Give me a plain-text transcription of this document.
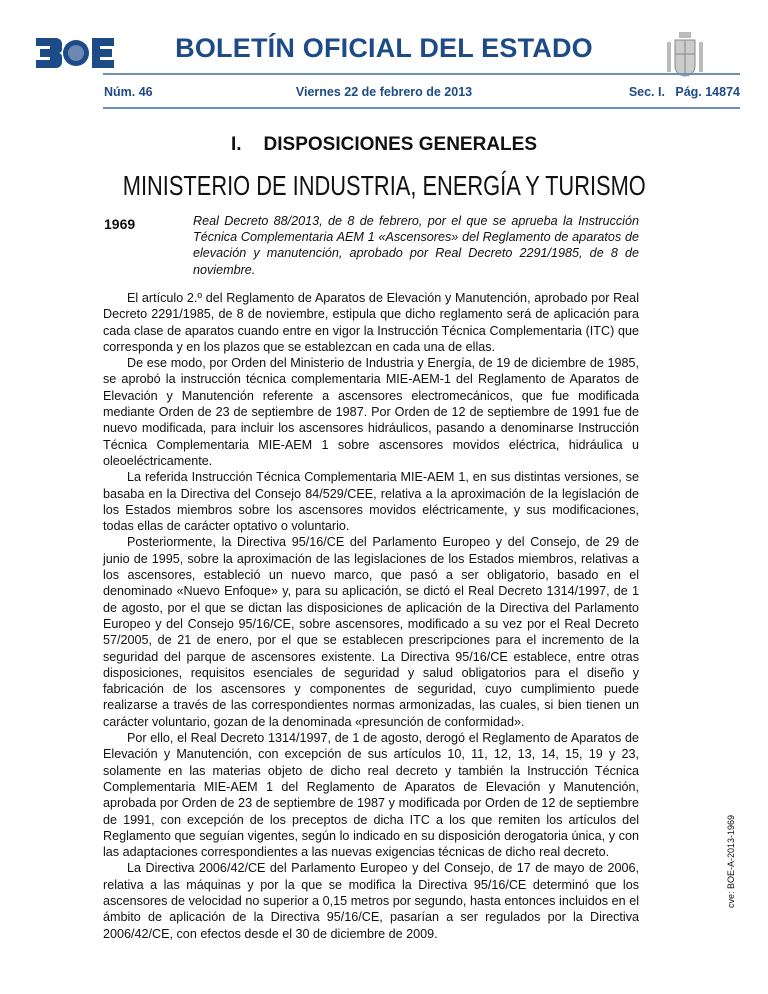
BOLETÍN OFICIAL DEL ESTADO
Núm. 46	Viernes 22 de febrero de 2013	Sec. I.   Pág. 14874
I. DISPOSICIONES GENERALES
MINISTERIO DE INDUSTRIA, ENERGÍA Y TURISMO
1969	Real Decreto 88/2013, de 8 de febrero, por el que se aprueba la Instrucción Técnica Complementaria AEM 1 «Ascensores» del Reglamento de aparatos de elevación y manutención, aprobado por Real Decreto 2291/1985, de 8 de noviembre.

El artículo 2.º del Reglamento de Aparatos de Elevación y Manutención, aprobado por Real Decreto 2291/1985, de 8 de noviembre, estipula que dicho reglamento será de aplicación para cada clase de aparatos cuando entre en vigor la Instrucción Técnica Complementaria (ITC) que corresponda y en los plazos que se establezcan en cada una de ellas.

De ese modo, por Orden del Ministerio de Industria y Energía, de 19 de diciembre de 1985, se aprobó la instrucción técnica complementaria MIE-AEM-1 del Reglamento de Aparatos de Elevación y Manutención referente a ascensores electromecánicos, que fue modificada mediante Orden de 23 de septiembre de 1987. Por Orden de 12 de septiembre de 1991 fue de nuevo modificada, para incluir los ascensores hidráulicos, pasando a denominarse Instrucción Técnica Complementaria MIE-AEM 1 sobre ascensores movidos eléctrica, hidráulica u oleoeléctricamente.

La referida Instrucción Técnica Complementaria MIE-AEM 1, en sus distintas versiones, se basaba en la Directiva del Consejo 84/529/CEE, relativa a la aproximación de la legislación de los Estados miembros sobre los ascensores movidos eléctricamente, y sus modificaciones, todas ellas de carácter optativo o voluntario.

Posteriormente, la Directiva 95/16/CE del Parlamento Europeo y del Consejo, de 29 de junio de 1995, sobre la aproximación de las legislaciones de los Estados miembros, relativas a los ascensores, estableció un nuevo marco, que pasó a ser obligatorio, basado en el denominado «Nuevo Enfoque» y, para su aplicación, se dictó el Real Decreto 1314/1997, de 1 de agosto, por el que se dictan las disposiciones de aplicación de la Directiva del Parlamento Europeo y del Consejo 95/16/CE, sobre ascensores, modificado a su vez por el Real Decreto 57/2005, de 21 de enero, por el que se establecen prescripciones para el incremento de la seguridad del parque de ascensores existente. La Directiva 95/16/CE establece, entre otras disposiciones, requisitos esenciales de seguridad y salud obligatorios para el diseño y fabricación de los ascensores y componentes de seguridad, cuyo cumplimiento puede realizarse a través de las correspondientes normas armonizadas, las cuales, si bien tienen un carácter voluntario, gozan de la denominada «presunción de conformidad».

Por ello, el Real Decreto 1314/1997, de 1 de agosto, derogó el Reglamento de Aparatos de Elevación y Manutención, con excepción de sus artículos 10, 11, 12, 13, 14, 15, 19 y 23, solamente en las materias objeto de dicho real decreto y también la Instrucción Técnica Complementaria MIE-AEM 1 del Reglamento de Aparatos de Elevación y Manutención, aprobada por Orden de 23 de septiembre de 1987 y modificada por Orden de 12 de septiembre de 1991, con excepción de los preceptos de dicha ITC a los que remiten los artículos del Reglamento que seguían vigentes, según lo indicado en su disposición derogatoria única, y con las adaptaciones correspondientes a las nuevas exigencias técnicas de dicho real decreto.

La Directiva 2006/42/CE del Parlamento Europeo y del Consejo, de 17 de mayo de 2006, relativa a las máquinas y por la que se modifica la Directiva 95/16/CE determinó que los ascensores de velocidad no superior a 0,15 metros por segundo, hasta entonces incluidos en el ámbito de aplicación de la Directiva 95/16/CE, pasarían a ser regulados por la Directiva 2006/42/CE, con efectos desde el 30 de diciembre de 2009.

cve: BOE-A-2013-1969
